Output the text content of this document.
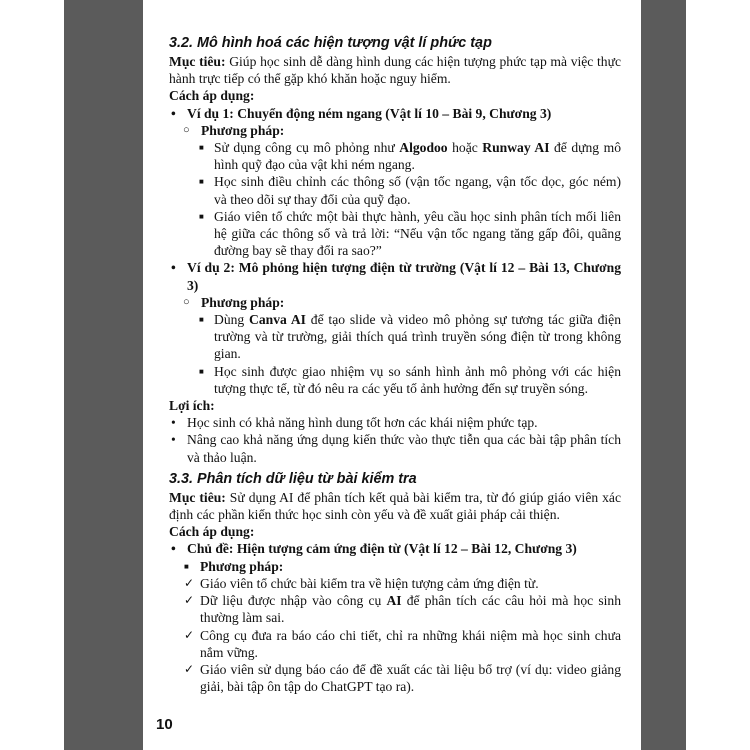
3.2. Mô hình hoá các hiện tượng vật lí phức tạp

Mục tiêu: Giúp học sinh dễ dàng hình dung các hiện tượng phức tạp mà việc thực hành trực tiếp có thể gặp khó khăn hoặc nguy hiểm.

Cách áp dụng:

• Ví dụ 1: Chuyển động ném ngang (Vật lí 10 – Bài 9, Chương 3)
○ Phương pháp:
■ Sử dụng công cụ mô phỏng như Algodoo hoặc Runway AI để dựng mô hình quỹ đạo của vật khi ném ngang.
■ Học sinh điều chỉnh các thông số (vận tốc ngang, vận tốc dọc, góc ném) và theo dõi sự thay đổi của quỹ đạo.
■ Giáo viên tổ chức một bài thực hành, yêu cầu học sinh phân tích mối liên hệ giữa các thông số và trả lời: “Nếu vận tốc ngang tăng gấp đôi, quãng đường bay sẽ thay đổi ra sao?”
• Ví dụ 2: Mô phỏng hiện tượng điện từ trường (Vật lí 12 – Bài 13, Chương 3)
○ Phương pháp:
■ Dùng Canva AI để tạo slide và video mô phỏng sự tương tác giữa điện trường và từ trường, giải thích quá trình truyền sóng điện từ trong không gian.
■ Học sinh được giao nhiệm vụ so sánh hình ảnh mô phỏng với các hiện tượng thực tế, từ đó nêu ra các yếu tố ảnh hưởng đến sự truyền sóng.

Lợi ích:

• Học sinh có khả năng hình dung tốt hơn các khái niệm phức tạp.
• Nâng cao khả năng ứng dụng kiến thức vào thực tiễn qua các bài tập phân tích và thảo luận.

3.3. Phân tích dữ liệu từ bài kiểm tra

Mục tiêu: Sử dụng AI để phân tích kết quả bài kiểm tra, từ đó giúp giáo viên xác định các phần kiến thức học sinh còn yếu và đề xuất giải pháp cải thiện.

Cách áp dụng:

• Chủ đề: Hiện tượng cảm ứng điện từ (Vật lí 12 – Bài 12, Chương 3)
■ Phương pháp:
✓ Giáo viên tổ chức bài kiểm tra về hiện tượng cảm ứng điện từ.
✓ Dữ liệu được nhập vào công cụ AI để phân tích các câu hỏi mà học sinh thường làm sai.
✓ Công cụ đưa ra báo cáo chi tiết, chỉ ra những khái niệm mà học sinh chưa nắm vững.
✓ Giáo viên sử dụng báo cáo để đề xuất các tài liệu bổ trợ (ví dụ: video giảng giải, bài tập ôn tập do ChatGPT tạo ra).
10
